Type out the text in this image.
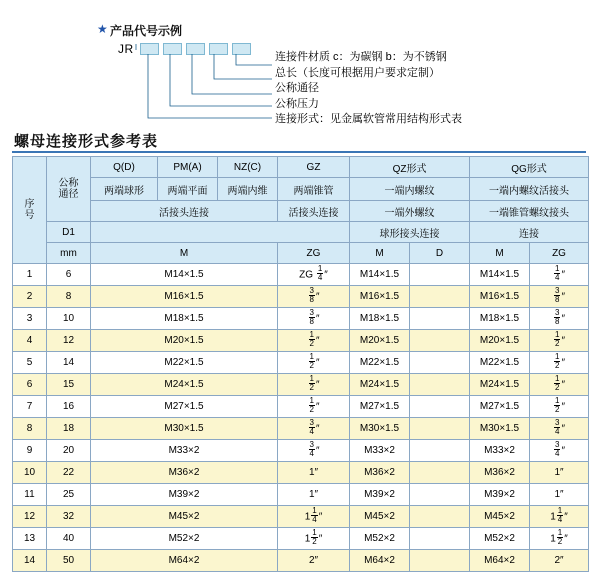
★ 产品代号示例
JR
连接件材质 c：为碳钢 b：为不锈钢
总长（长度可根据用户要求定制）
公称通径
公称压力
连接形式：见金属软管常用结构形式表
螺母连接形式参考表
序
号

公称
通径
	Q(D)	PM(A)	NZ(C)	GZ	QZ形式	QG形式
		两端球形	两端平面	两端内维	两端锥管	一端内螺纹		一端内螺纹活接头	
		活接头连接			活接头连接	一端外螺纹		一端锥管螺纹接头	
	D1					球形接头连接		连接	
	mm	M			ZG	M	D	M	ZG
1	6	M14×1.5			ZG $\frac{1}{4}$ ″	M14×1.5		M14×1.5	$\frac{1}{4}$ ″
2	8	M16×1.5			$\frac{3}{8}$ ″	M16×1.5		M16×1.5	$\frac{3}{8}$ ″
3	10	M18×1.5			$\frac{3}{8}$ ″	M18×1.5		M18×1.5	$\frac{3}{8}$ ″
4	12	M20×1.5			$\frac{1}{2}$ ″	M20×1.5		M20×1.5	$\frac{1}{2}$ ″
5	14	M22×1.5			$\frac{1}{2}$ ″	M22×1.5		M22×1.5	$\frac{1}{2}$ ″
6	15	M24×1.5			$\frac{1}{2}$ ″	M24×1.5		M24×1.5	$\frac{1}{2}$ ″
7	16	M27×1.5			$\frac{1}{2}$ ″	M27×1.5		M27×1.5	$\frac{1}{2}$ ″
8	18	M30×1.5			$\frac{3}{4}$ ″	M30×1.5		M30×1.5	$\frac{3}{4}$ ″
9	20	M33×2			$\frac{3}{4}$ ″	M33×2		M33×2	$\frac{3}{4}$ ″
10	22	M36×2			1″	M36×2		M36×2	1″
11	25	M39×2			1″	M39×2		M39×2	1″
12	32	M45×2			$1 \frac{1}{4}$ ″	M45×2		M45×2	$1 \frac{1}{4}$ ″
13	40	M52×2			$1 \frac{1}{2}$ ″	M52×2		M52×2	$1 \frac{1}{2}$ ″
14	50	M64×2			2″	M64×2		M64×2	2″
